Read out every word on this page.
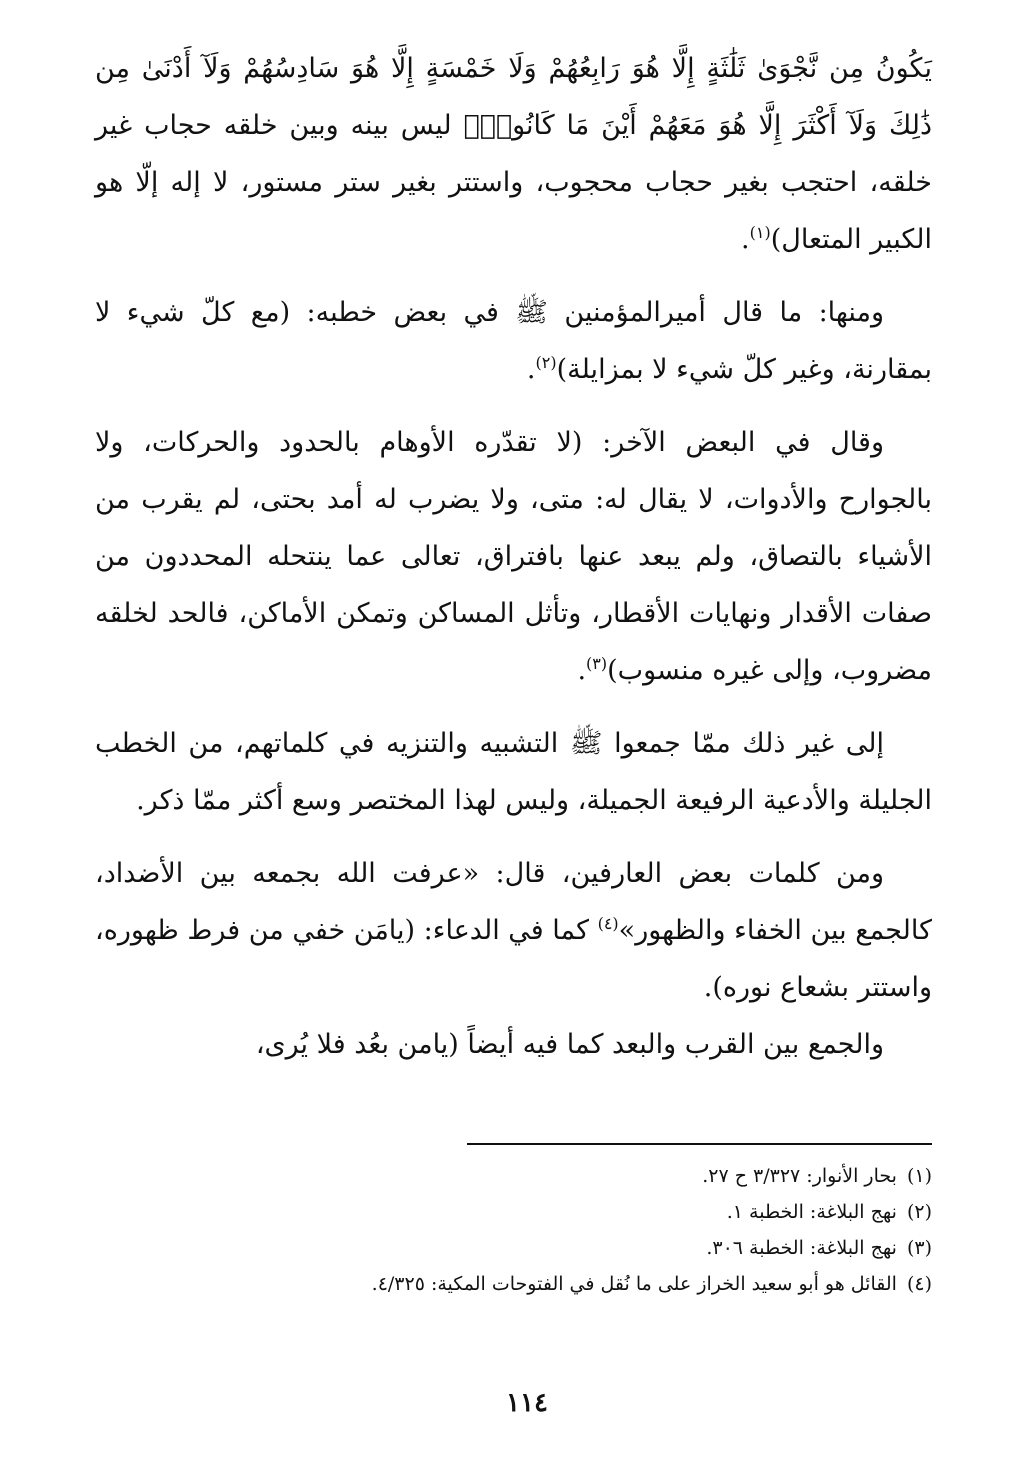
يَكُونُ مِن نَّجْوَىٰ ثَلَٰثَةٍ إِلَّا هُوَ رَابِعُهُمْ وَلَا خَمْسَةٍ إِلَّا هُوَ سَادِسُهُمْ وَلَآ أَدْنَىٰ مِن ذَٰلِكَ وَلَآ أَكْثَرَ إِلَّا هُوَ مَعَهُمْ أَيْنَ مَا كَانُوا۟﴾ ليس بينه وبين خلقه حجاب غير خلقه، احتجب بغير حجاب محجوب، واستتر بغير ستر مستور، لا إله إلّا هو الكبير المتعال)$^{(١)}$.

ومنها: ما قال أميرالمؤمنين ﷺ في بعض خطبه: (مع كلّ شيء لا بمقارنة، وغير كلّ شيء لا بمزايلة)$^{(٢)}$.

وقال في البعض الآخر: (لا تقدّره الأوهام بالحدود والحركات، ولا بالجوارح والأدوات، لا يقال له: متى، ولا يضرب له أمد بحتى، لم يقرب من الأشياء بالتصاق، ولم يبعد عنها بافتراق، تعالى عما ينتحله المحددون من صفات الأقدار ونهايات الأقطار، وتأثل المساكن وتمكن الأماكن، فالحد لخلقه مضروب، وإلى غيره منسوب)$^{(٣)}$.

إلى غير ذلك ممّا جمعوا ﷺ التشبيه والتنزيه في كلماتهم، من الخطب الجليلة والأدعية الرفيعة الجميلة، وليس لهذا المختصر وسع أكثر ممّا ذكر.

ومن كلمات بعض العارفين، قال: «عرفت الله بجمعه بين الأضداد، كالجمع بين الخفاء والظهور»$^{(٤)}$ كما في الدعاء: (يامَن خفي من فرط ظهوره، واستتر بشعاع نوره).

والجمع بين القرب والبعد كما فيه أيضاً (يامن بعُد فلا يُرى،

(١)بحار الأنوار: ٣/٣٢٧ ح ٢٧.
(٢)نهج البلاغة: الخطبة ١.
(٣)نهج البلاغة: الخطبة ٣٠٦.
(٤)القائل هو أبو سعيد الخراز على ما نُقل في الفتوحات المكية: ٤/٣٢٥.
١١٤
